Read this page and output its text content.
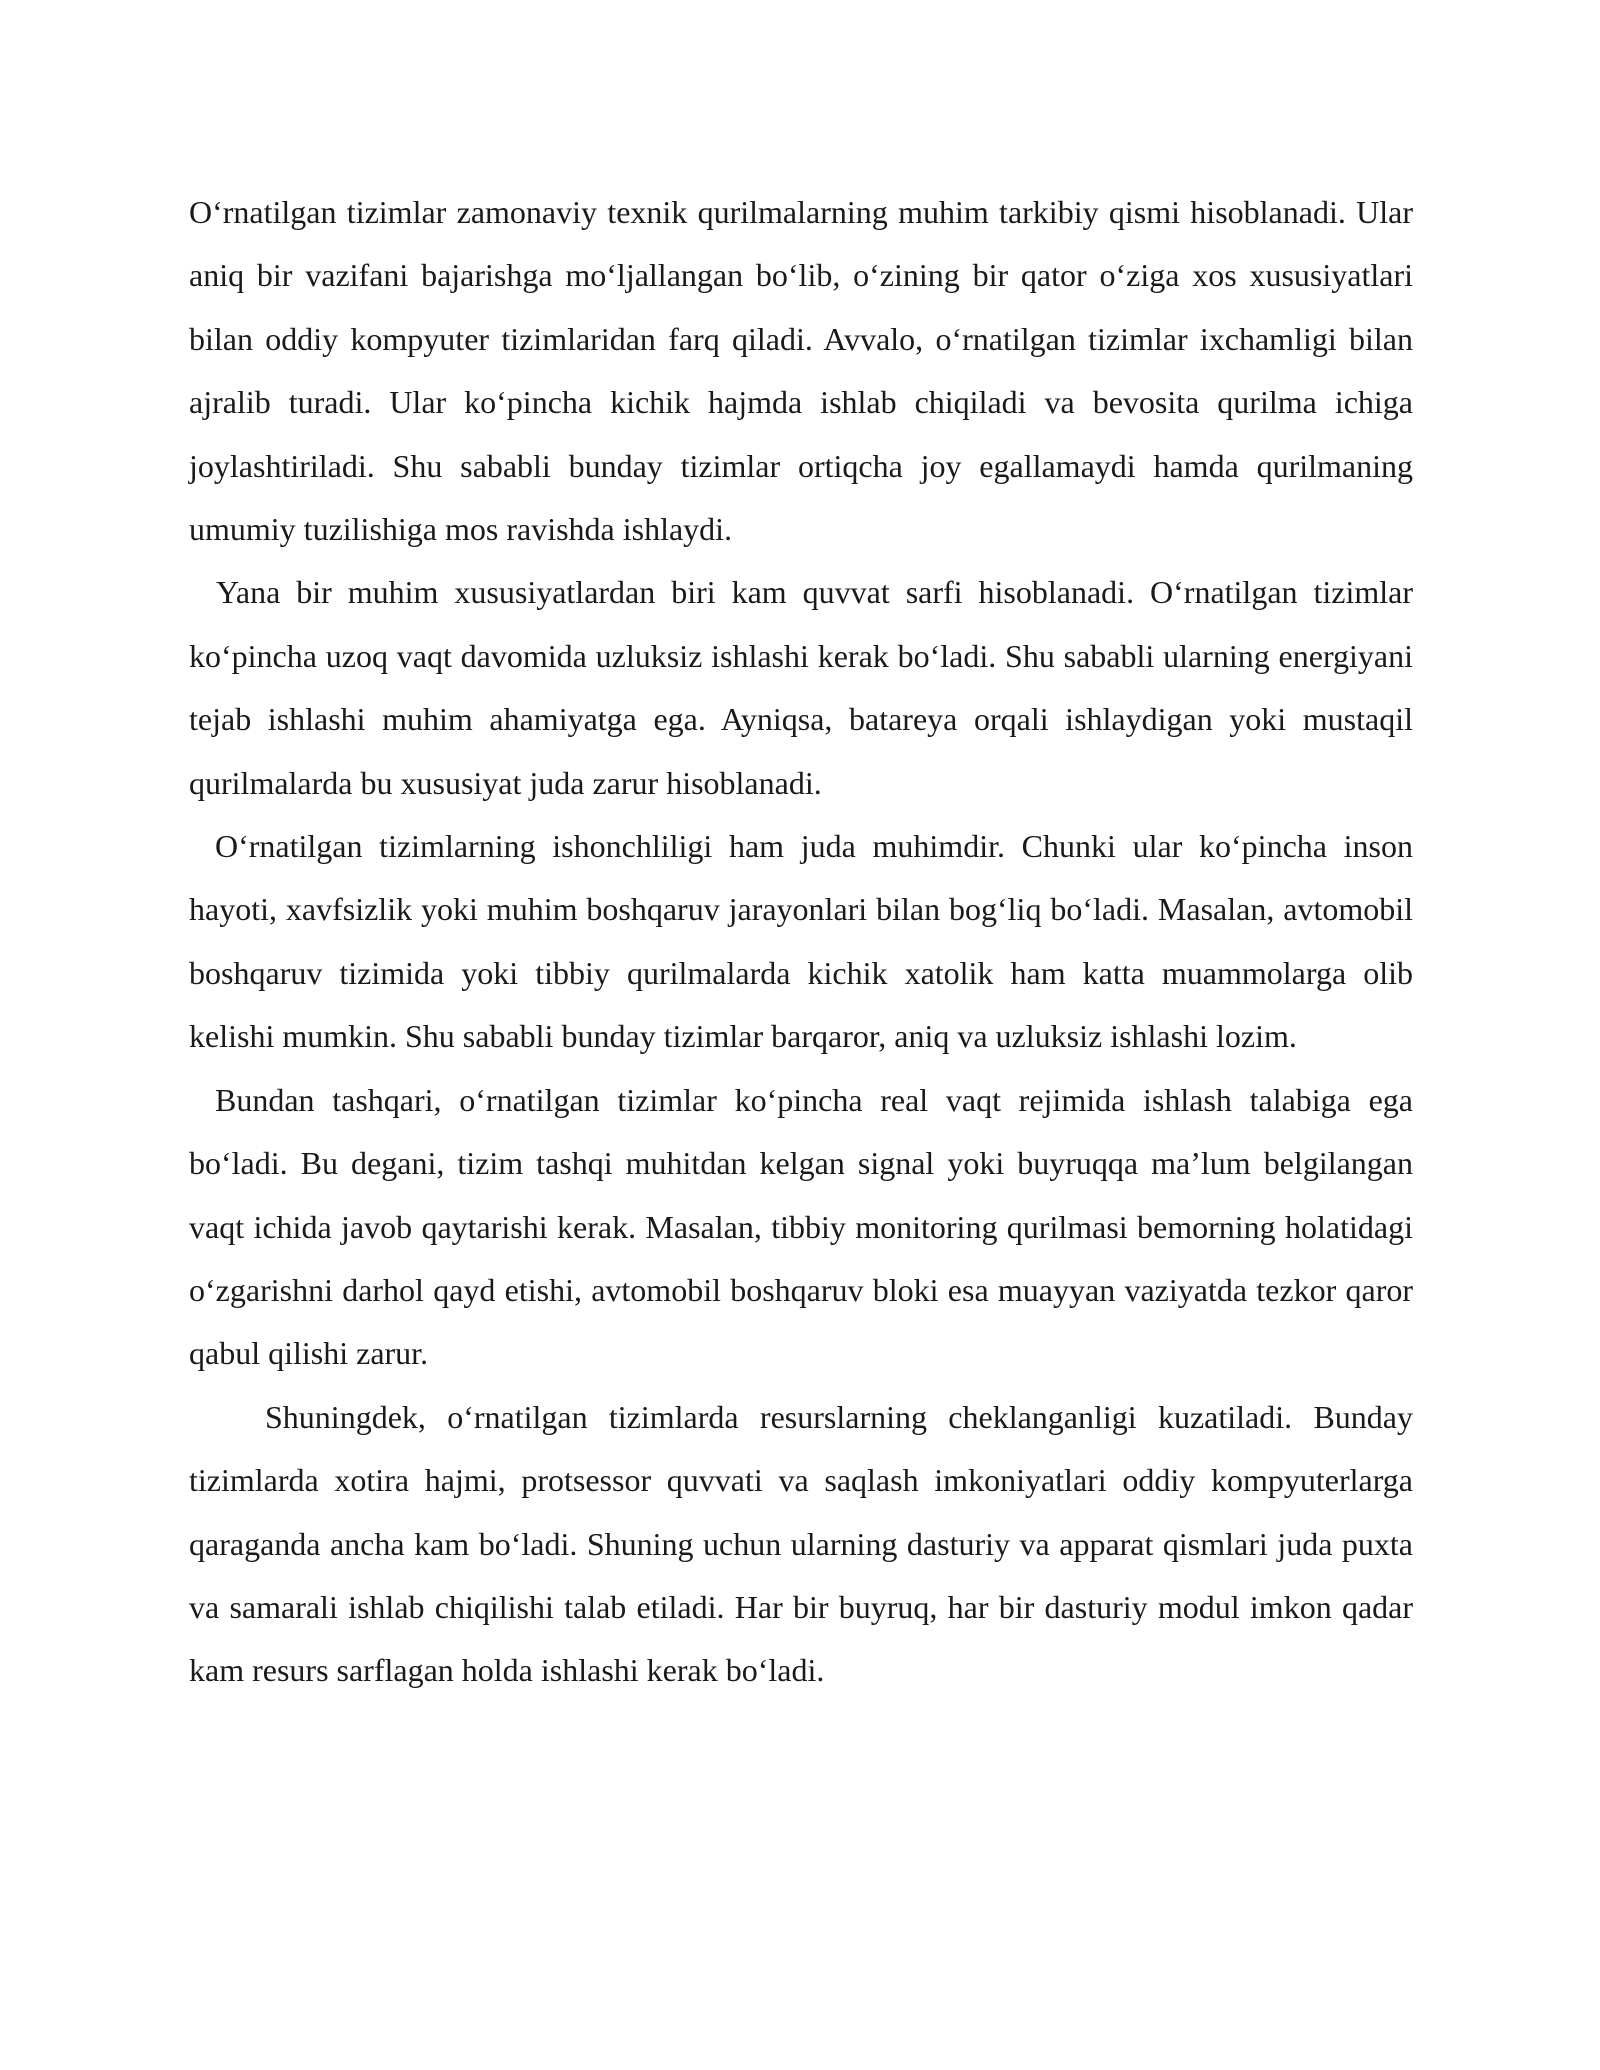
O‘rnatilgan tizimlar zamonaviy texnik qurilmalarning muhim tarkibiy qismi hisoblanadi. Ular aniq bir vazifani bajarishga mo‘ljallangan bo‘lib, o‘zining bir qator o‘ziga xos xususiyatlari bilan oddiy kompyuter tizimlaridan farq qiladi. Avvalo, o‘rnatilgan tizimlar ixchamligi bilan ajralib turadi. Ular ko‘pincha kichik hajmda ishlab chiqiladi va bevosita qurilma ichiga joylashtiriladi. Shu sababli bunday tizimlar ortiqcha joy egallamaydi hamda qurilmaning umumiy tuzilishiga mos ravishda ishlaydi.

Yana bir muhim xususiyatlardan biri kam quvvat sarfi hisoblanadi. O‘rnatilgan tizimlar ko‘pincha uzoq vaqt davomida uzluksiz ishlashi kerak bo‘ladi. Shu sababli ularning energiyani tejab ishlashi muhim ahamiyatga ega. Ayniqsa, batareya orqali ishlaydigan yoki mustaqil qurilmalarda bu xususiyat juda zarur hisoblanadi.

O‘rnatilgan tizimlarning ishonchliligi ham juda muhimdir. Chunki ular ko‘pincha inson hayoti, xavfsizlik yoki muhim boshqaruv jarayonlari bilan bog‘liq bo‘ladi. Masalan, avtomobil boshqaruv tizimida yoki tibbiy qurilmalarda kichik xatolik ham katta muammolarga olib kelishi mumkin. Shu sababli bunday tizimlar barqaror, aniq va uzluksiz ishlashi lozim.

Bundan tashqari, o‘rnatilgan tizimlar ko‘pincha real vaqt rejimida ishlash talabiga ega bo‘ladi. Bu degani, tizim tashqi muhitdan kelgan signal yoki buyruqqa ma’lum belgilangan vaqt ichida javob qaytarishi kerak. Masalan, tibbiy monitoring qurilmasi bemorning holatidagi o‘zgarishni darhol qayd etishi, avtomobil boshqaruv bloki esa muayyan vaziyatda tezkor qaror qabul qilishi zarur.

Shuningdek, o‘rnatilgan tizimlarda resurslarning cheklanganligi kuzatiladi. Bunday tizimlarda xotira hajmi, protsessor quvvati va saqlash imkoniyatlari oddiy kompyuterlarga qaraganda ancha kam bo‘ladi. Shuning uchun ularning dasturiy va apparat qismlari juda puxta va samarali ishlab chiqilishi talab etiladi. Har bir buyruq, har bir dasturiy modul imkon qadar kam resurs sarflagan holda ishlashi kerak bo‘ladi.
